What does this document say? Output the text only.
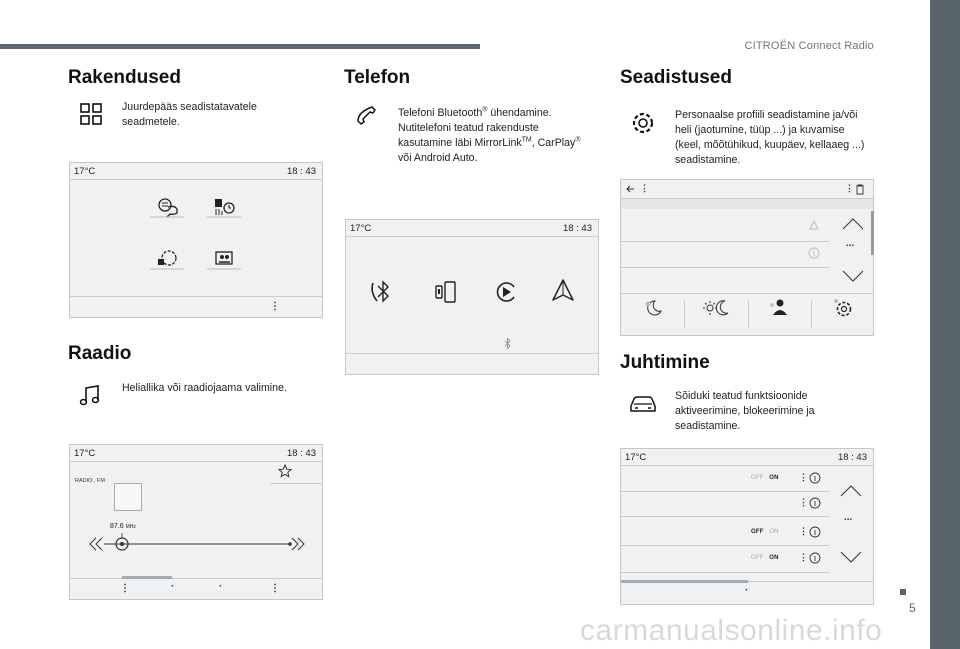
CITROËN Connect Radio
Rakendused
Juurdepääs seadistatavatele seadmetele.
17°C	18 : 43
⋮
Raadio
Heliallika või raadiojaama valimine.
17°C	18 : 43
RADIO . FM
87.6 MHz
⋮	·	·	⋮
Telefon
Telefoni Bluetooth® ühendamine. Nutitelefoni teatud rakenduste kasutamine läbi MirrorLink™, CarPlay® või Android Auto.
17°C	18 : 43
Seadistused
Personaalse profiili seadistamine ja/või heli (jaotumine, tüüp ...) ja kuvamise (keel, mõõtühikud, kuupäev, kellaaeg ...) seadistamine.
⋮	⋮
...
Juhtimine
Sõiduki teatud funktsioonide aktiveerimine, blokeerimine ja seadistamine.
17°C	18 : 43
OFF ON ⋮
⋮
OFF ON ⋮
OFF ON ⋮
...
·
5
carmanualsonline.info
